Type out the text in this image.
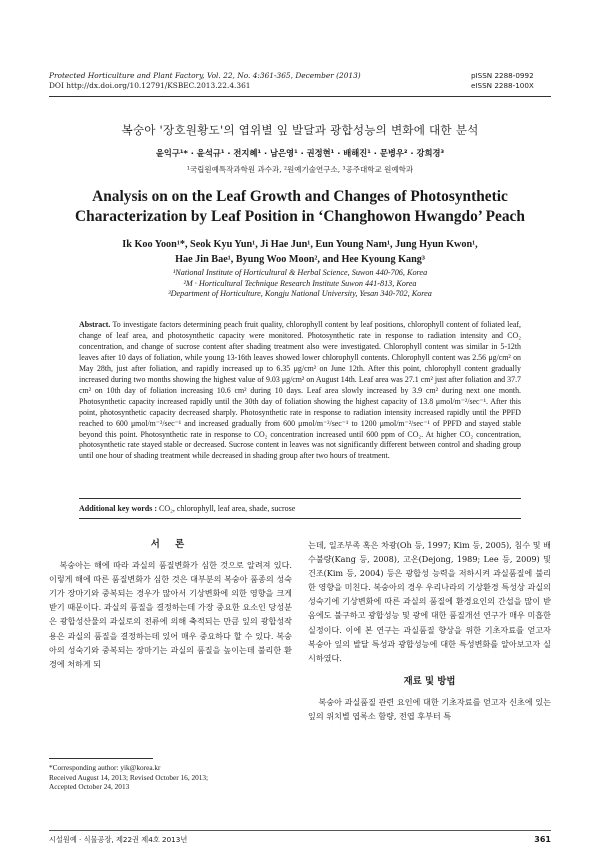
Protected Horticulture and Plant Factory, Vol. 22, No. 4:361-365, December (2013)
DOI http://dx.doi.org/10.12791/KSBEC.2013.22.4.361
pISSN 2288-0992
eISSN 2288-100X
복숭아 '장호원황도'의 엽위별 잎 발달과 광합성능의 변화에 대한 분석
윤익구¹* · 윤석규¹ · 전지혜¹ · 남은영¹ · 권정현¹ · 배해진¹ · 문병우² · 강희경³
¹국립원예특작과학원 과수과, ²원예기술연구소, ³공주대학교 원예학과
Analysis on on the Leaf Growth and Changes of Photosynthetic
Characterization by Leaf Position in ‘Changhowon Hwangdo’ Peach
Ik Koo Yoon¹*, Seok Kyu Yun¹, Ji Hae Jun¹, Eun Young Nam¹, Jung Hyun Kwon¹,
Hae Jin Bae¹, Byung Woo Moon², and Hee Kyoung Kang³
¹National Institute of Horticultural & Herbal Science, Suwon 440-706, Korea
²M · Horticultural Technique Research Institute Suwon 441-813, Korea
³Department of Horticulture, Kongju National University, Yesan 340-702, Korea
Abstract. To investigate factors determining peach fruit quality, chlorophyll content by leaf positions, chlorophyll content of foliated leaf, change of leaf area, and photosynthetic capacity were monitored. Photosynthetic rate in response to radiation intensity and CO₂ concentration, and change of sucrose content after shading treatment also were investigated. Chlorophyll content was similar in 5-12th leaves after 10 days of foliation, while young 13-16th leaves showed lower chlorophyll contents. Chlorophyll content was 2.56 μg/cm² on May 28th, just after foliation, and rapidly increased up to 6.35 μg/cm² on June 12th. After this point, chlorophyll content gradually increased during two months showing the highest value of 9.03 μg/cm² on August 14th. Leaf area was 27.1 cm² just after foliation and 37.7 cm² on 10th day of foliation increasing 10.6 cm² during 10 days. Leaf area slowly increased by 3.9 cm² during next one month. Photosynthetic capacity increased rapidly until the 30th day of foliation showing the highest capacity of 13.8 μmol/m⁻²/sec⁻¹. After this point, photosynthetic capacity decreased sharply. Photosynthetic rate in response to radiation intensity increased rapidly until the PPFD reached to 600 μmol/m⁻²/sec⁻¹ and increased gradually from 600 μmol/m⁻²/sec⁻¹ to 1200 μmol/m⁻²/sec⁻¹ of PPFD and stayed stable beyond this point. Photosynthetic rate in response to CO₂ concentration increased until 600 ppm of CO₂. At higher CO₂ concentration, photosynthetic rate stayed stable or decreased. Sucrose content in leaves was not significantly different between control and shading group until one hour of shading treatment while decreased in shading group after two hours of treatment.
Additional key words : CO₂, chlorophyll, leaf area, shade, sucrose
서 론

복숭아는 해에 따라 과실의 품질변화가 심한 것으로 알려져 있다. 이렇게 해에 따른 품질변화가 심한 것은 대부분의 복숭아 품종의 성숙기가 장마기와 중복되는 경우가 많아서 기상변화에 의한 영향을 크게 받기 때문이다. 과실의 품질을 결정하는데 가장 중요한 요소인 당성분은 광합성산물의 과실로의 전류에 의해 축적되는 만큼 잎의 광합성작용은 과실의 품질을 결정하는데 있어 매우 중요하다 할 수 있다. 복숭아의 성숙기와 중복되는 장마기는 과실의 품질을 높이는데 불리한 환경에 처하게 되

는데, 일조부족 혹은 차광(Oh 등, 1997; Kim 등, 2005), 침수 및 배수불량(Kang 등, 2008), 고온(Dejong, 1989; Lee 등, 2009) 및 건조(Kim 등, 2004) 등은 광합성 능력을 저하시켜 과실품질에 불리한 영향을 미친다. 복숭아의 경우 우리나라의 기상환경 특성상 과실의 성숙기에 기상변화에 따른 과실의 품질에 환경요인의 간섭을 많이 받음에도 불구하고 광합성능 및 광에 대한 품질개선 연구가 매우 미흡한 실정이다. 이에 본 연구는 과실품질 향상을 위한 기초자료를 얻고자 복숭아 잎의 발달 특성과 광합성능에 대한 특성변화를 알아보고자 실시하였다.

재료 및 방법

복숭아 과실품질 관련 요인에 대한 기초자료를 얻고자 신초에 있는 잎의 위치별 엽록소 함량, 전엽 후부터 특

*Corresponding author: yik@korea.kr
Received August 14, 2013; Revised October 16, 2013;
Accepted October 24, 2013
시설원예 · 식물공장, 제22권 제4호 2013년	361
